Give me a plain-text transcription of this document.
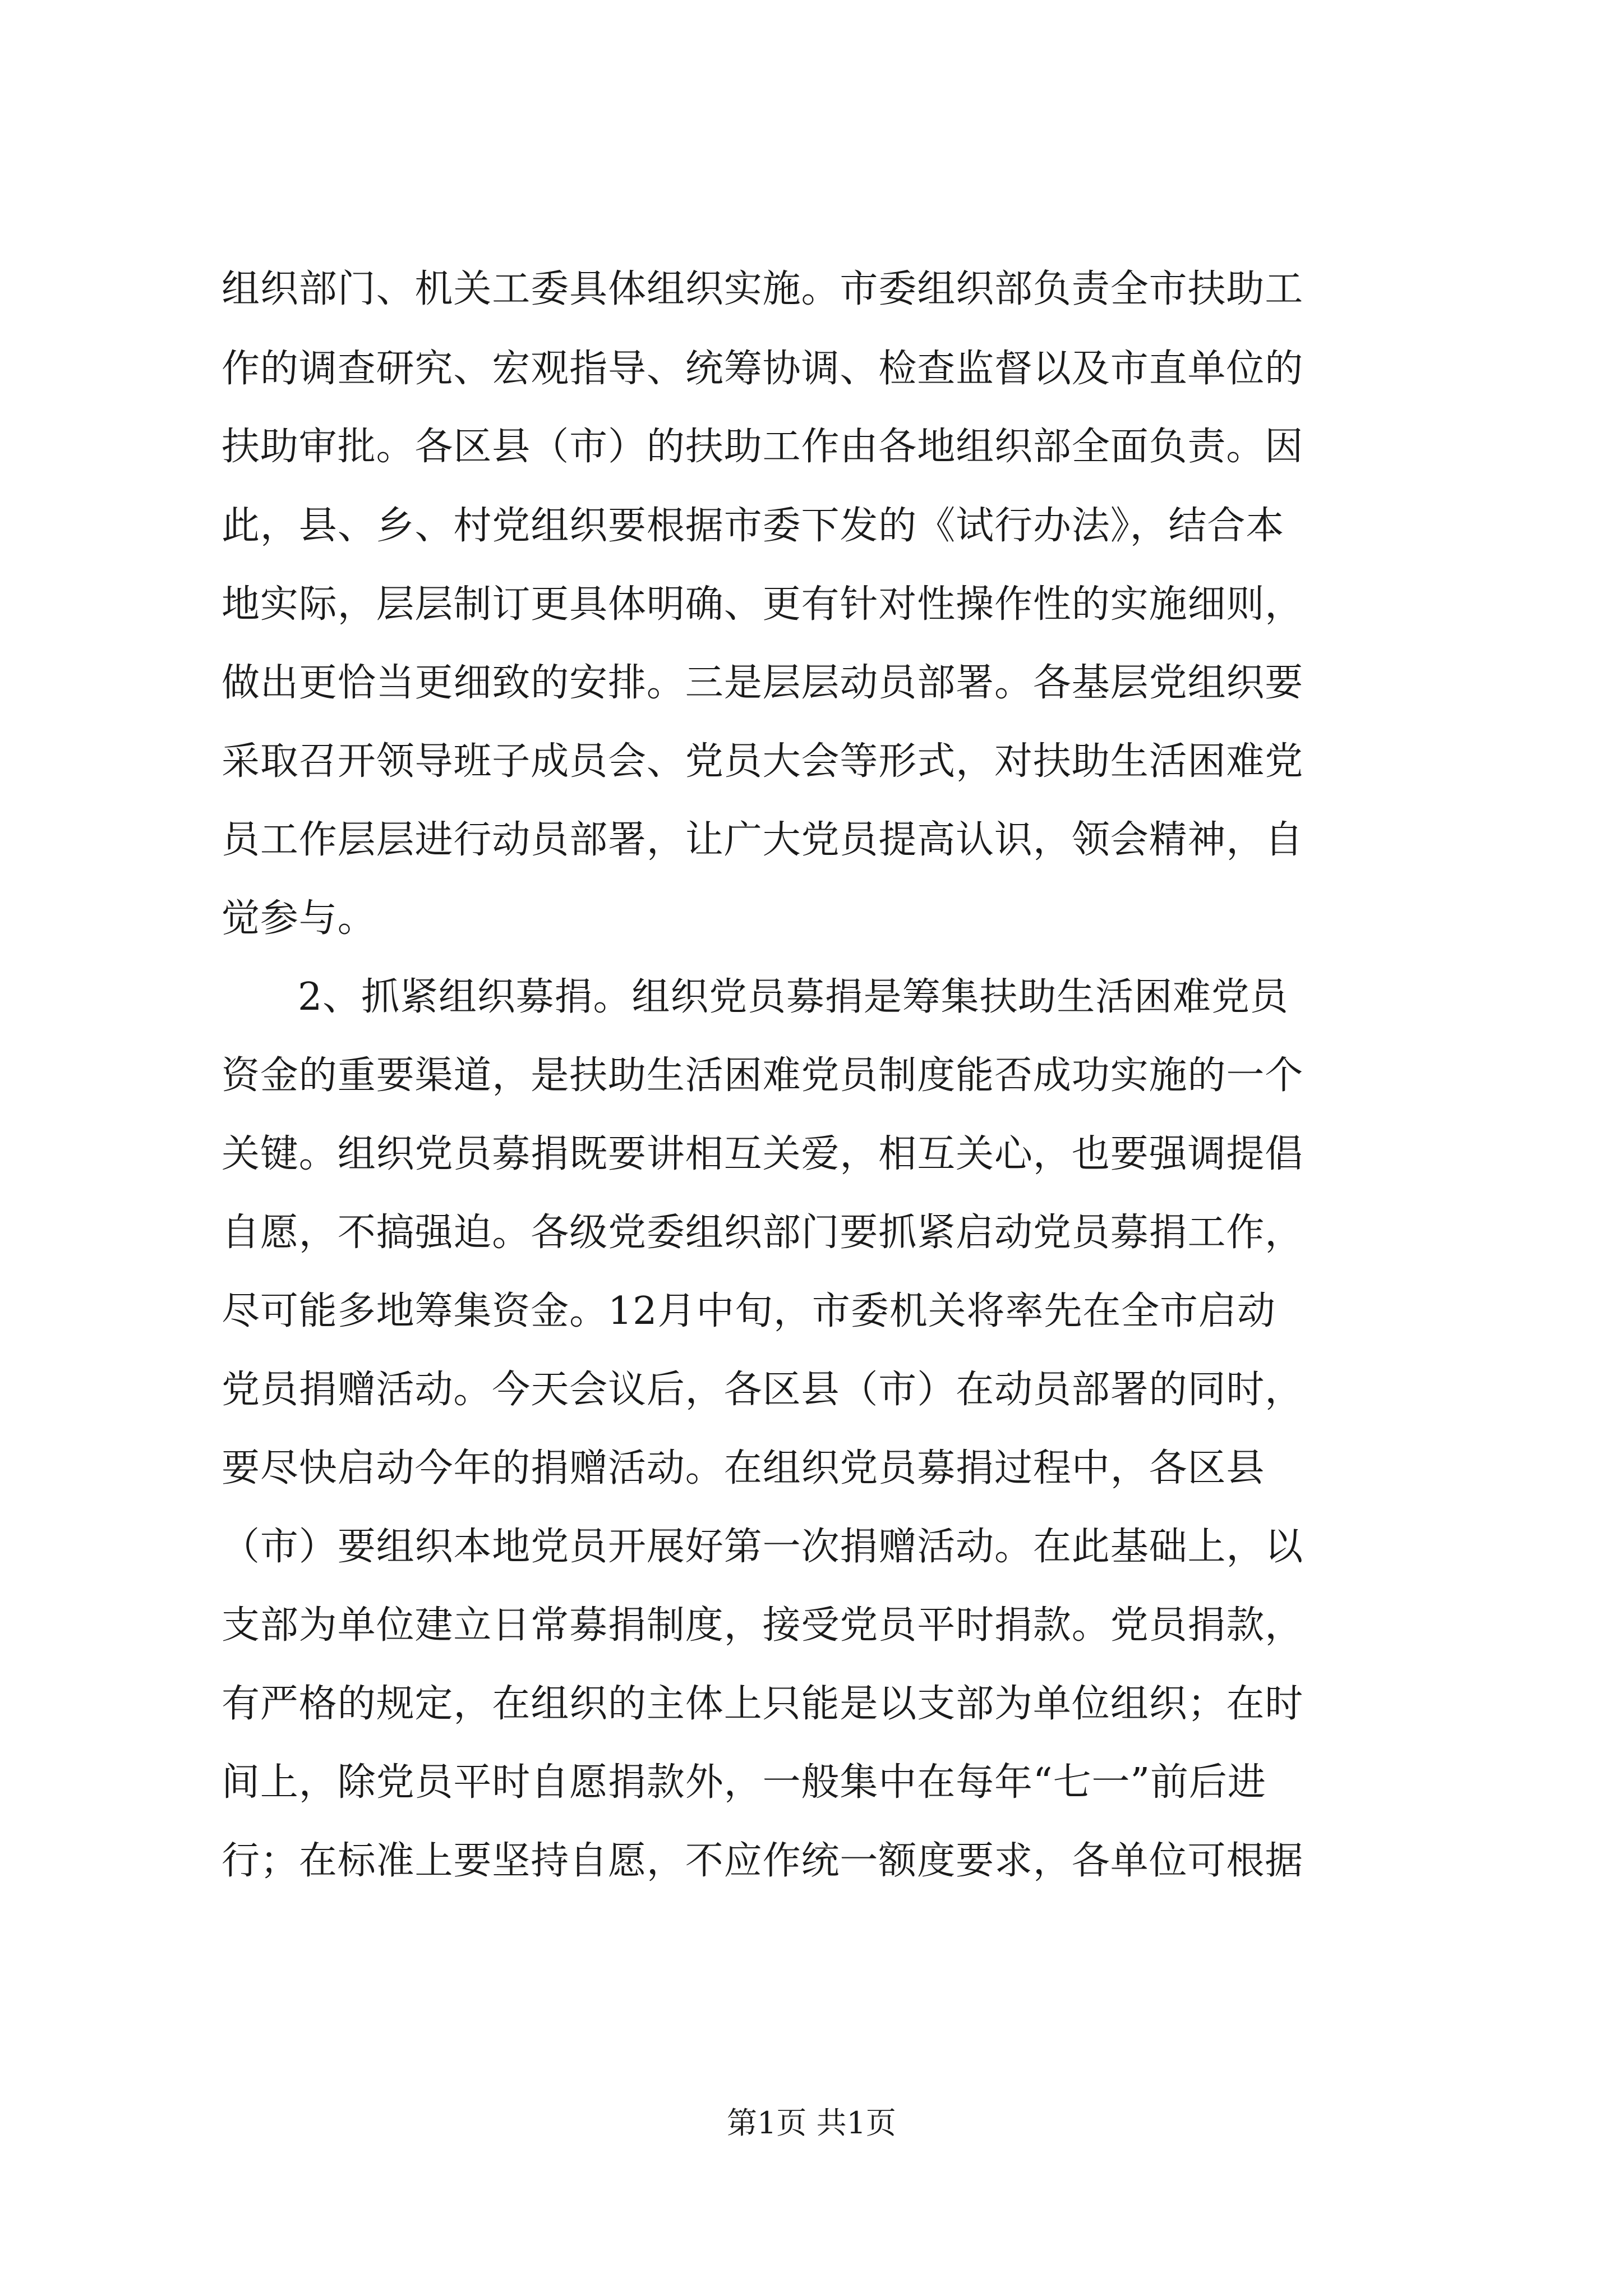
组织部门、机关工委具体组织实施。市委组织部负责全市扶助工
作的调查研究、宏观指导、统筹协调、检查监督以及市直单位的
扶助审批。各区县（市）的扶助工作由各地组织部全面负责。因
此，县、乡、村党组织要根据市委下发的《试行办法》，结合本
地实际，层层制订更具体明确、更有针对性操作性的实施细则，
做出更恰当更细致的安排。三是层层动员部署。各基层党组织要
采取召开领导班子成员会、党员大会等形式，对扶助生活困难党
员工作层层进行动员部署，让广大党员提高认识，领会精神，自
觉参与。
2、抓紧组织募捐。组织党员募捐是筹集扶助生活困难党员
资金的重要渠道，是扶助生活困难党员制度能否成功实施的一个
关键。组织党员募捐既要讲相互关爱，相互关心，也要强调提倡
自愿，不搞强迫。各级党委组织部门要抓紧启动党员募捐工作，
尽可能多地筹集资金。12月中旬，市委机关将率先在全市启动
党员捐赠活动。今天会议后，各区县（市）在动员部署的同时，
要尽快启动今年的捐赠活动。在组织党员募捐过程中，各区县
（市）要组织本地党员开展好第一次捐赠活动。在此基础上，以
支部为单位建立日常募捐制度，接受党员平时捐款。党员捐款，
有严格的规定，在组织的主体上只能是以支部为单位组织；在时
间上，除党员平时自愿捐款外，一般集中在每年“七一”前后进
行；在标准上要坚持自愿，不应作统一额度要求，各单位可根据
第1页 共1页
